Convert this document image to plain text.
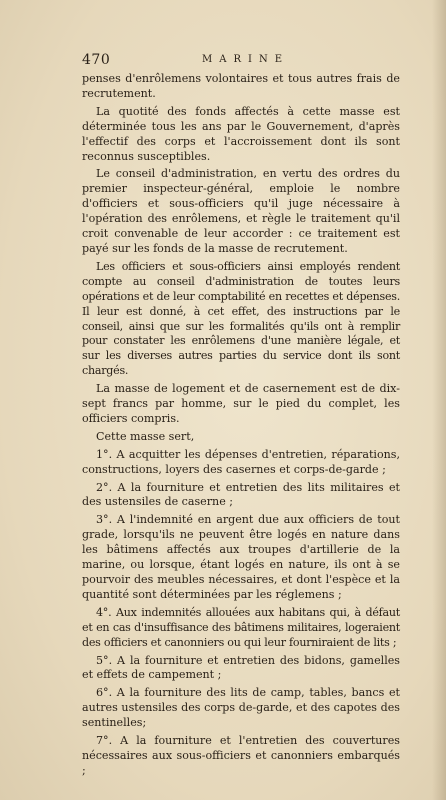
470	MARINE

penses d'enrôlemens volontaires et tous autres frais de recrutement.

La quotité des fonds affectés à cette masse est déterminée tous les ans par le Gouvernement, d'après l'effectif des corps et l'accroissement dont ils sont reconnus susceptibles.

Le conseil d'administration, en vertu des ordres du premier inspecteur-général, emploie le nombre d'officiers et sous-officiers qu'il juge nécessaire à l'opération des enrôlemens, et règle le traitement qu'il croit convenable de leur accorder : ce traitement est payé sur les fonds de la masse de recrutement.

Les officiers et sous-officiers ainsi employés rendent compte au conseil d'administration de toutes leurs opérations et de leur comptabilité en recettes et dépenses. Il leur est donné, à cet effet, des instructions par le conseil, ainsi que sur les formalités qu'ils ont à remplir pour constater les enrôlemens d'une manière légale, et sur les diverses autres parties du service dont ils sont chargés.

La masse de logement et de casernement est de dix-sept francs par homme, sur le pied du complet, les officiers compris.

Cette masse sert,

1°. A acquitter les dépenses d'entretien, réparations, constructions, loyers des casernes et corps-de-garde ;

2°. A la fourniture et entretien des lits militaires et des ustensiles de caserne ;

3°. A l'indemnité en argent due aux officiers de tout grade, lorsqu'ils ne peuvent être logés en nature dans les bâtimens affectés aux troupes d'artillerie de la marine, ou lorsque, étant logés en nature, ils ont à se pourvoir des meubles nécessaires, et dont l'espèce et la quantité sont déterminées par les réglemens ;

4°. Aux indemnités allouées aux habitans qui, à défaut et en cas d'insuffisance des bâtimens militaires, logeraient des officiers et canonniers ou qui leur fourniraient de lits ;

5°. A la fourniture et entretien des bidons, gamelles et effets de campement ;

6°. A la fourniture des lits de camp, tables, bancs et autres ustensiles des corps de-garde, et des capotes des sentinelles;

7°. A la fourniture et l'entretien des couvertures nécessaires aux sous-officiers et canonniers embarqués ;
